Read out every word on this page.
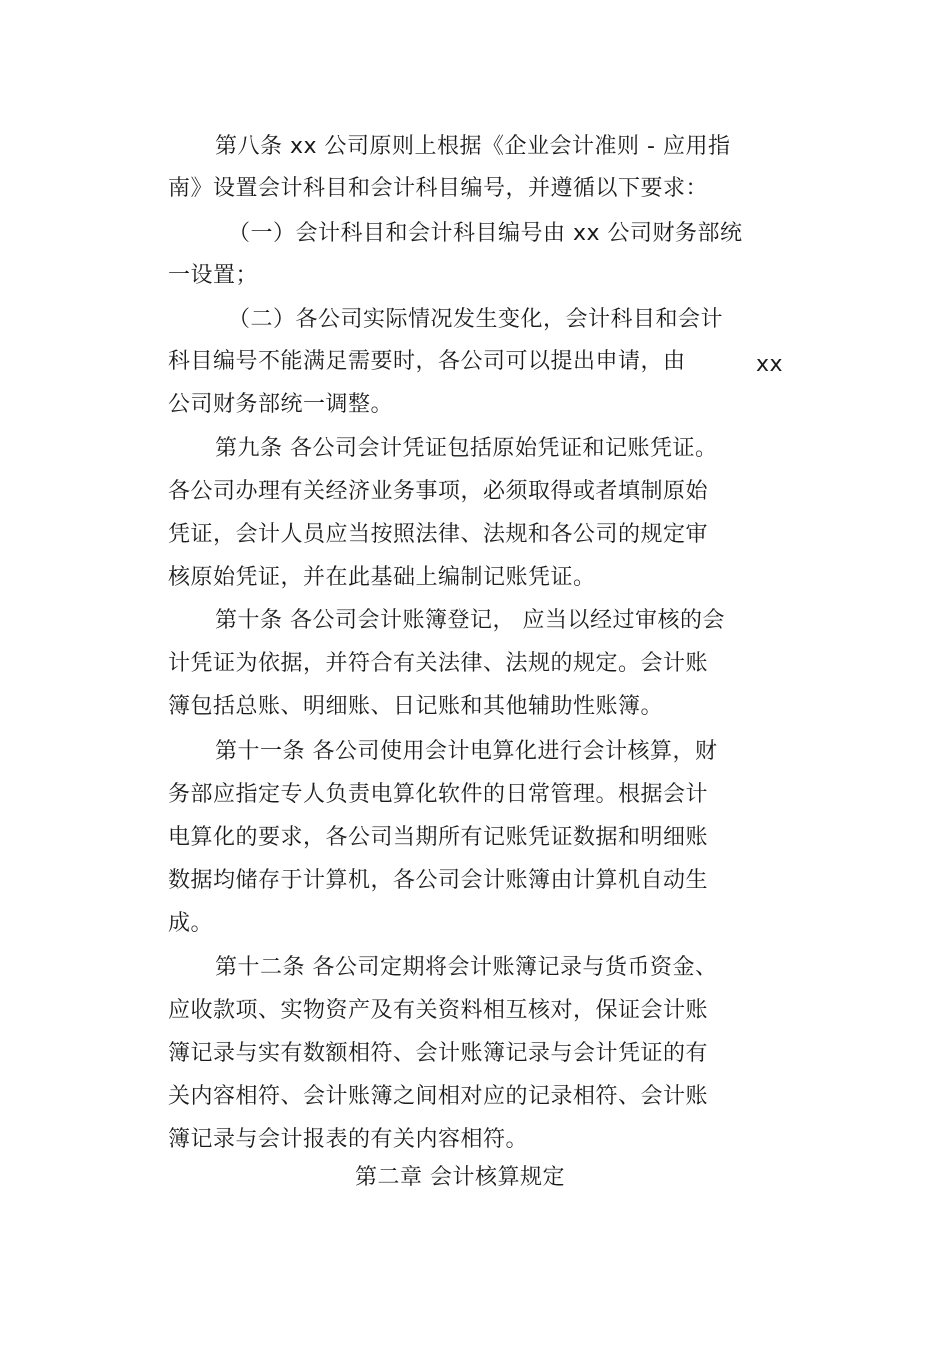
第八条 xx 公司原则上根据《企业会计准则 - 应用指
南》设置会计科目和会计科目编号，并遵循以下要求：
（一）会计科目和会计科目编号由 xx 公司财务部统
一设置；
（二）各公司实际情况发生变化，会计科目和会计
科目编号不能满足需要时，各公司可以提出申请，由	xx
公司财务部统一调整。
第九条 各公司会计凭证包括原始凭证和记账凭证。
各公司办理有关经济业务事项，必须取得或者填制原始
凭证，会计人员应当按照法律、法规和各公司的规定审
核原始凭证，并在此基础上编制记账凭证。
第十条 各公司会计账簿登记， 应当以经过审核的会
计凭证为依据，并符合有关法律、法规的规定。会计账
簿包括总账、明细账、日记账和其他辅助性账簿。
第十一条 各公司使用会计电算化进行会计核算，财
务部应指定专人负责电算化软件的日常管理。根据会计
电算化的要求，各公司当期所有记账凭证数据和明细账
数据均储存于计算机，各公司会计账簿由计算机自动生
成。
第十二条 各公司定期将会计账簿记录与货币资金、
应收款项、实物资产及有关资料相互核对，保证会计账
簿记录与实有数额相符、会计账簿记录与会计凭证的有
关内容相符、会计账簿之间相对应的记录相符、会计账
簿记录与会计报表的有关内容相符。
第二章 会计核算规定
